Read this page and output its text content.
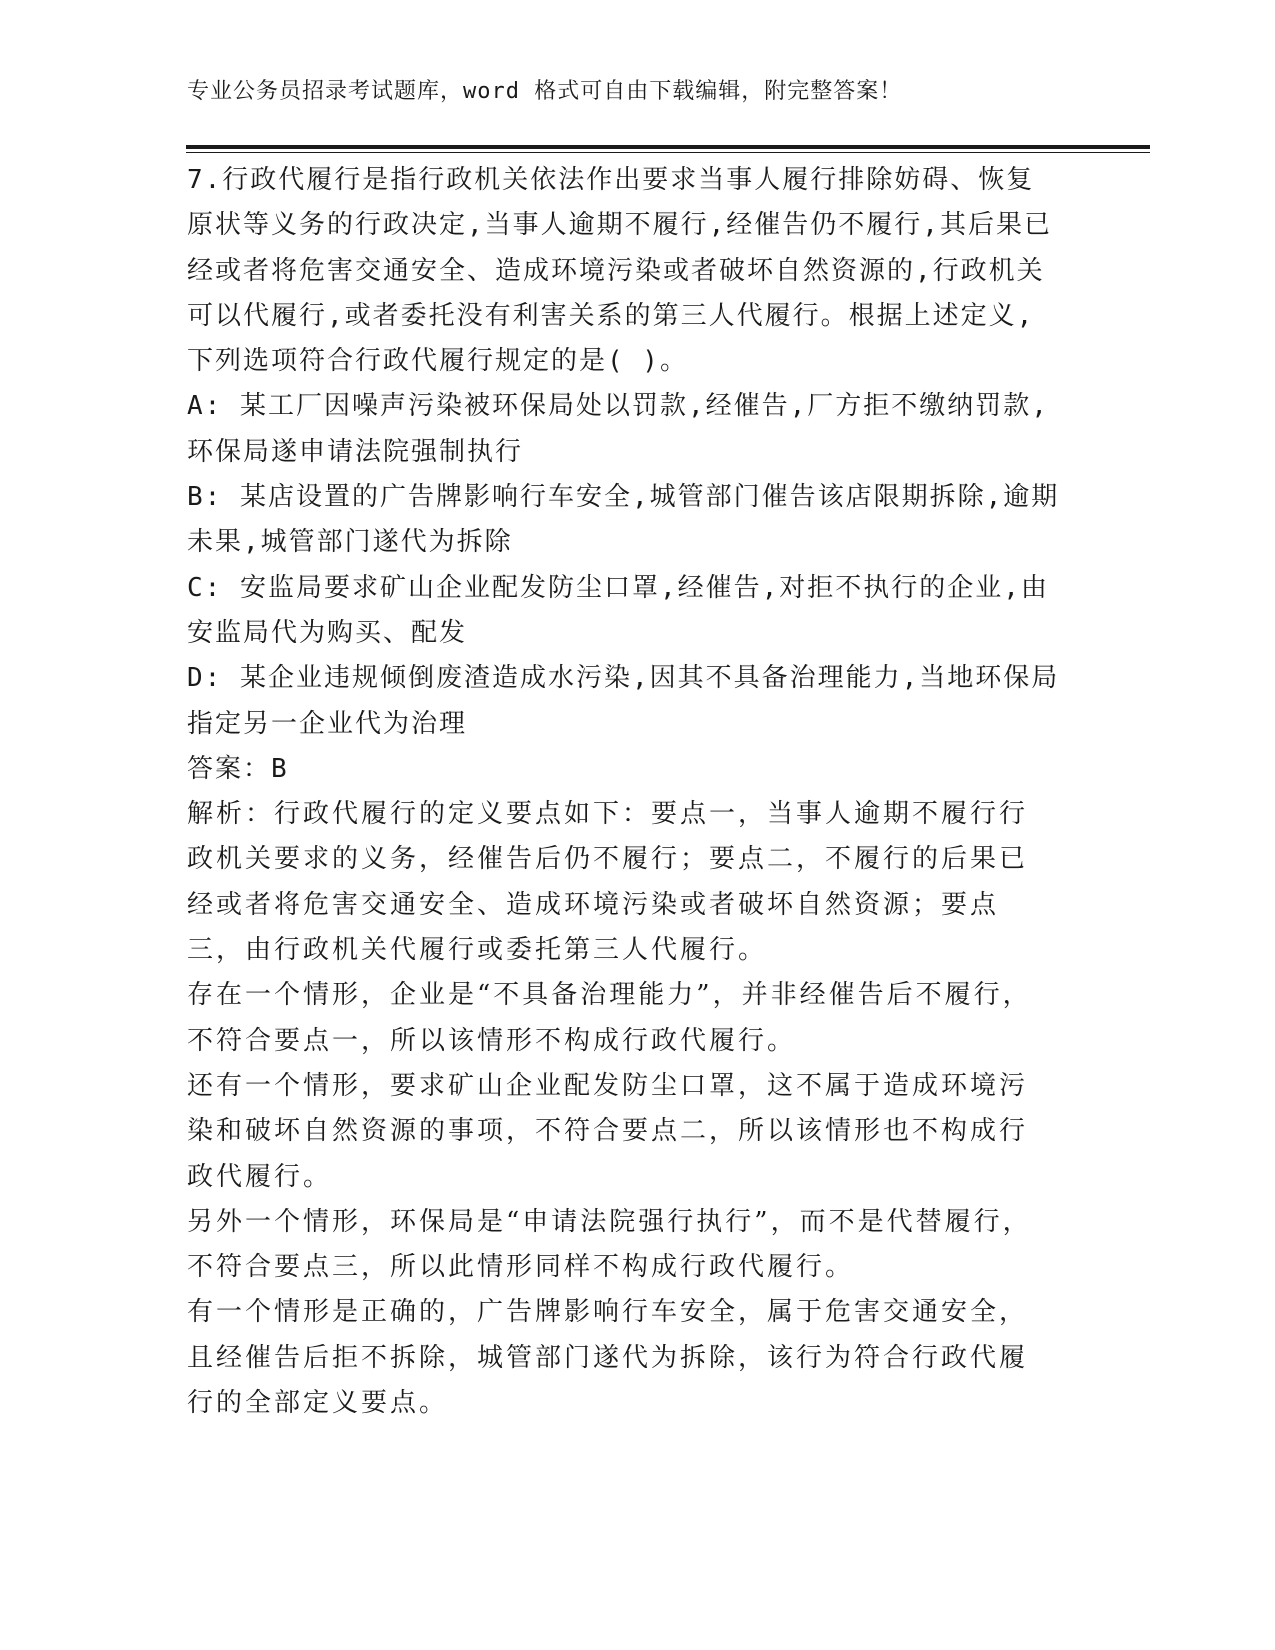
专业公务员招录考试题库，word 格式可自由下载编辑，附完整答案！

7.行政代履行是指行政机关依法作出要求当事人履行排除妨碍、恢复原状等义务的行政决定,当事人逾期不履行,经催告仍不履行,其后果已经或者将危害交通安全、造成环境污染或者破坏自然资源的,行政机关可以代履行,或者委托没有利害关系的第三人代履行。根据上述定义,下列选项符合行政代履行规定的是( )。

A: 某工厂因噪声污染被环保局处以罚款,经催告,厂方拒不缴纳罚款,环保局遂申请法院强制执行

B: 某店设置的广告牌影响行车安全,城管部门催告该店限期拆除,逾期未果,城管部门遂代为拆除

C: 安监局要求矿山企业配发防尘口罩,经催告,对拒不执行的企业,由安监局代为购买、配发

D: 某企业违规倾倒废渣造成水污染,因其不具备治理能力,当地环保局指定另一企业代为治理

答案：B

解析：行政代履行的定义要点如下：要点一，当事人逾期不履行行政机关要求的义务，经催告后仍不履行；要点二，不履行的后果已经或者将危害交通安全、造成环境污染或者破坏自然资源；要点三，由行政机关代履行或委托第三人代履行。

存在一个情形，企业是“不具备治理能力”，并非经催告后不履行，不符合要点一，所以该情形不构成行政代履行。

还有一个情形，要求矿山企业配发防尘口罩，这不属于造成环境污染和破坏自然资源的事项，不符合要点二，所以该情形也不构成行政代履行。

另外一个情形，环保局是“申请法院强行执行”，而不是代替履行，不符合要点三，所以此情形同样不构成行政代履行。

有一个情形是正确的，广告牌影响行车安全，属于危害交通安全，且经催告后拒不拆除，城管部门遂代为拆除，该行为符合行政代履行的全部定义要点。
